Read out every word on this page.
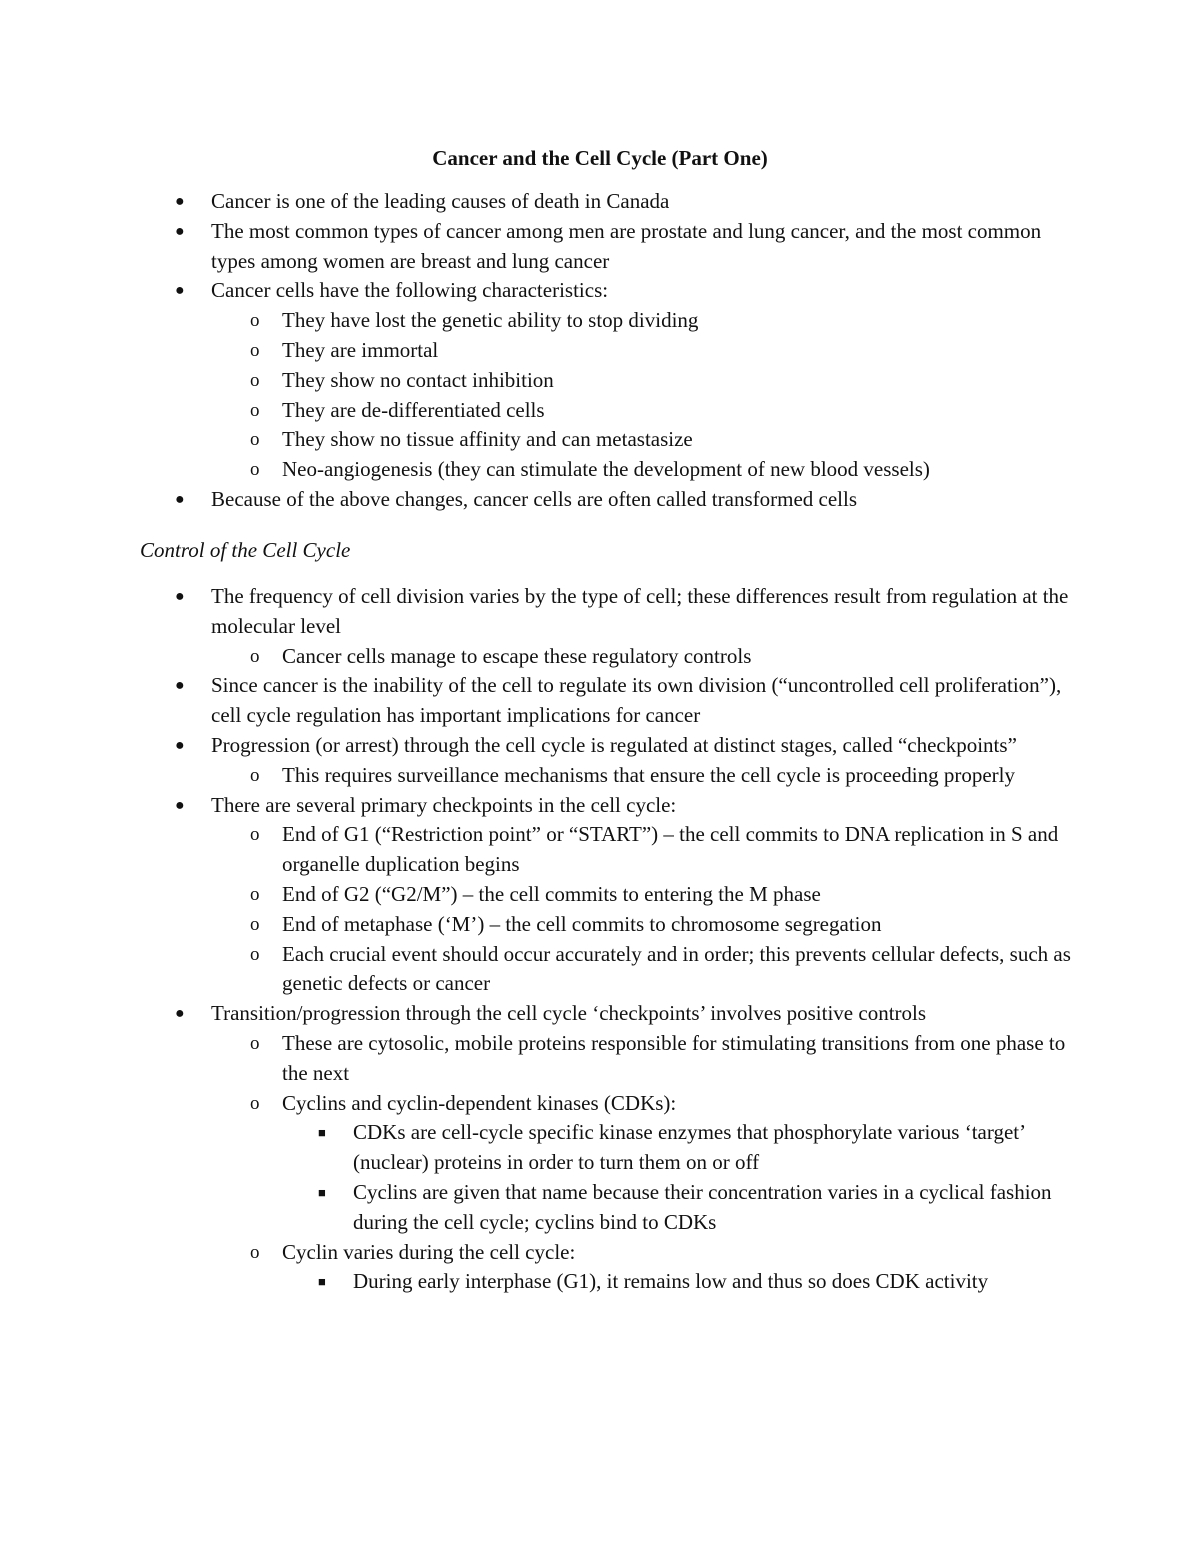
Cancer and the Cell Cycle (Part One)
● Cancer is one of the leading causes of death in Canada
● The most common types of cancer among men are prostate and lung cancer, and the most common types among women are breast and lung cancer
● Cancer cells have the following characteristics:
o They have lost the genetic ability to stop dividing
o They are immortal
o They show no contact inhibition
o They are de-differentiated cells
o They show no tissue affinity and can metastasize
o Neo-angiogenesis (they can stimulate the development of new blood vessels)
● Because of the above changes, cancer cells are often called transformed cells
Control of the Cell Cycle
● The frequency of cell division varies by the type of cell; these differences result from regulation at the molecular level
o Cancer cells manage to escape these regulatory controls
● Since cancer is the inability of the cell to regulate its own division (“uncontrolled cell proliferation”), cell cycle regulation has important implications for cancer
● Progression (or arrest) through the cell cycle is regulated at distinct stages, called “checkpoints”
o This requires surveillance mechanisms that ensure the cell cycle is proceeding properly
● There are several primary checkpoints in the cell cycle:
o End of G1 (“Restriction point” or “START”) – the cell commits to DNA replication in S and organelle duplication begins
o End of G2 (“G2/M”) – the cell commits to entering the M phase
o End of metaphase (‘M’) – the cell commits to chromosome segregation
o Each crucial event should occur accurately and in order; this prevents cellular defects, such as genetic defects or cancer
● Transition/progression through the cell cycle ‘checkpoints’ involves positive controls
o These are cytosolic, mobile proteins responsible for stimulating transitions from one phase to the next
o Cyclins and cyclin-dependent kinases (CDKs):
■ CDKs are cell-cycle specific kinase enzymes that phosphorylate various ‘target’ (nuclear) proteins in order to turn them on or off
■ Cyclins are given that name because their concentration varies in a cyclical fashion during the cell cycle; cyclins bind to CDKs
o Cyclin varies during the cell cycle:
■ During early interphase (G1), it remains low and thus so does CDK activity
